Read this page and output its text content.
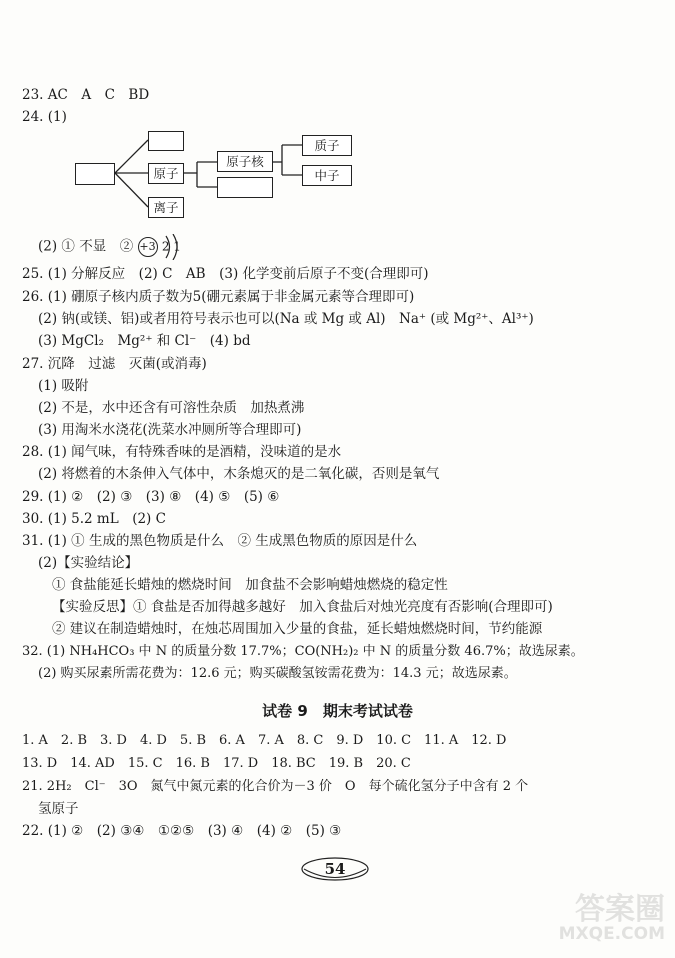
23. AC　A　C　BD
24. (1)
原子
离子
原子核
质子
中子
(2) ① 不显　② +3 2 1
25. (1) 分解反应　(2) C　AB　(3) 化学变前后原子不变(合理即可)
26. (1) 硼原子核内质子数为5(硼元素属于非金属元素等合理即可)
(2) 钠(或镁、铝)或者用符号表示也可以(Na 或 Mg 或 Al)　Na⁺ (或 Mg²⁺、Al³⁺)
(3) MgCl₂　Mg²⁺ 和 Cl⁻　(4) bd
27. 沉降　过滤　灭菌(或消毒)
(1) 吸附
(2) 不是，水中还含有可溶性杂质　加热煮沸
(3) 用淘米水浇花(洗菜水冲厕所等合理即可)
28. (1) 闻气味，有特殊香味的是酒精，没味道的是水
(2) 将燃着的木条伸入气体中，木条熄灭的是二氧化碳，否则是氧气
29. (1) ②　(2) ③　(3) ⑧　(4) ⑤　(5) ⑥
30. (1) 5.2 mL　(2) C
31. (1) ① 生成的黑色物质是什么　② 生成黑色物质的原因是什么
(2)【实验结论】
① 食盐能延长蜡烛的燃烧时间　加食盐不会影响蜡烛燃烧的稳定性
【实验反思】① 食盐是否加得越多越好　加入食盐后对烛光亮度有否影响(合理即可)
② 建议在制造蜡烛时，在烛芯周围加入少量的食盐，延长蜡烛燃烧时间，节约能源
32. (1) NH₄HCO₃ 中 N 的质量分数 17.7%；CO(NH₂)₂ 中 N 的质量分数 46.7%；故选尿素。
(2) 购买尿素所需花费为：12.6 元；购买碳酸氢铵需花费为：14.3 元；故选尿素。
试卷 9　期末考试试卷
1. A　2. B　3. D　4. D　5. B　6. A　7. A　8. C　9. D　10. C　11. A　12. D
13. D　14. AD　15. C　16. B　17. D　18. BC　19. B　20. C
21. 2H₂　Cl⁻　3O　氮气中氮元素的化合价为－3 价　O　每个硫化氢分子中含有 2 个
氢原子
22. (1) ②　(2) ③④　①②⑤　(3) ④　(4) ②　(5) ③
54
答案圈
MXQE.COM
